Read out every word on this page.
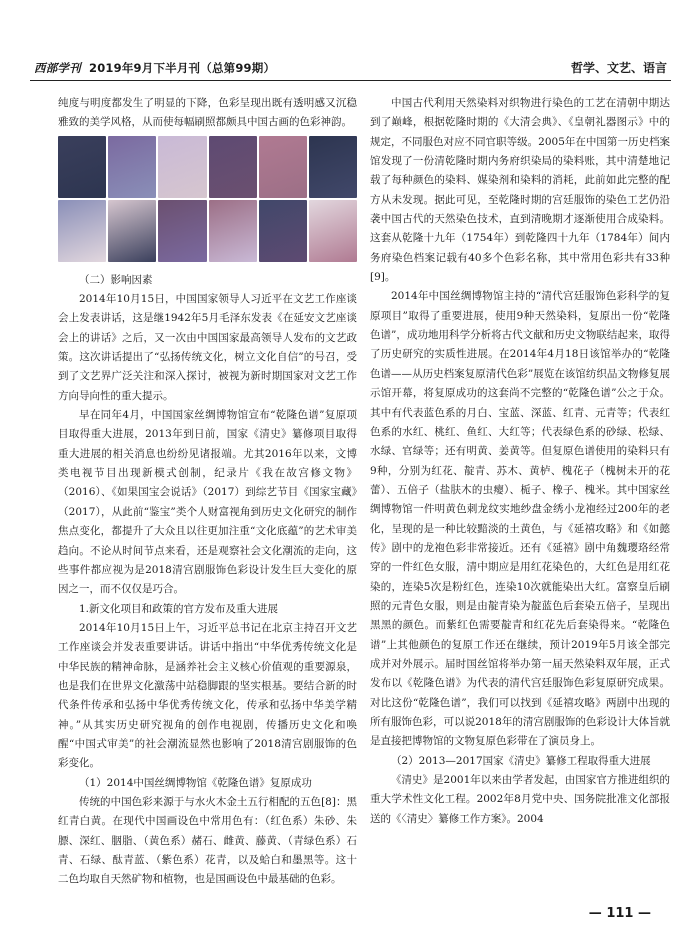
西部学刊 2019年9月下半月刊（总第99期）	哲学、文艺、语言

纯度与明度都发生了明显的下降，色彩呈现出既有透明感又沉稳雅致的美学风格，从而使每幅刷照都颇具中国古画的色彩神韵。

（二）影响因素

2014年10月15日，中国国家领导人习近平在文艺工作座谈会上发表讲话，这是继1942年5月毛泽东发表《在延安文艺座谈会上的讲话》之后，又一次由中国国家最高领导人发布的文艺政策。这次讲话提出了“弘扬传统文化，树立文化自信”的号召，受到了文艺界广泛关注和深入探讨，被视为新时期国家对文艺工作方向导向性的重大提示。

早在同年4月，中国国家丝绸博物馆宣布“乾隆色谱”复原项目取得重大进展，2013年到日前，国家《清史》纂修项目取得重大进展的相关消息也纷纷见诸报端。尤其2016年以来，文博类电视节目出现新模式创制，纪录片《我在故宫修文物》（2016）、《如果国宝会说话》（2017）到综艺节目《国家宝藏》（2017），从此前“鉴宝”类个人财富视角到历史文化研究的制作焦点变化，都提升了大众且以往更加注重“文化底蕴”的艺术审美趋向。不论从时间节点来看，还是观察社会文化潮流的走向，这些事件都应视为是2018清宫剧服饰色彩设计发生巨大变化的原因之一，而不仅仅是巧合。

1.新文化项目和政策的官方发布及重大进展

2014年10月15日上午，习近平总书记在北京主持召开文艺工作座谈会并发表重要讲话。讲话中指出“中华优秀传统文化是中华民族的精神命脉，是涵养社会主义核心价值观的重要源泉，也是我们在世界文化激荡中站稳脚跟的坚实根基。要结合新的时代条件传承和弘扬中华优秀传统文化，传承和弘扬中华美学精神。”从其实历史研究视角的创作电视剧，传播历史文化和唤醒“中国式审美”的社会潮流显然也影响了2018清宫剧服饰的色彩变化。

（1）2014中国丝绸博物馆《乾隆色谱》复原成功

传统的中国色彩来源于与水火木金土五行相配的五色[8]：黑红青白黄。在现代中国画设色中常用色有：（红色系）朱砂、朱膘、深红、胭脂、（黄色系）赭石、雌黄、藤黄、（青绿色系）石青、石绿、酞青蓝、（紫色系）花青，以及蛤白和墨黑等。这十二色均取自天然矿物和植物，也是国画设色中最基础的色彩。

中国古代利用天然染料对织物进行染色的工艺在清朝中期达到了巅峰，根据乾隆时期的《大清会典》、《皇朝礼器图示》中的规定，不同服色对应不同官职等级。2005年在中国第一历史档案馆发现了一份清乾隆时期内务府织染局的染料账，其中清楚地记载了每种颜色的染料、媒染剂和染料的消耗，此前如此完整的配方从未发现。据此可见，至乾隆时期的宫廷服饰的染色工艺仍沿袭中国古代的天然染色技术，直到清晚期才逐渐使用合成染料。这套从乾隆十九年（1754年）到乾隆四十九年（1784年）间内务府染色档案记载有40多个色彩名称，其中常用色彩共有33种[9]。

2014年中国丝绸博物馆主持的“清代宫廷服饰色彩科学的复原项目”取得了重要进展，使用9种天然染料，复原出一份“乾隆色谱”，成功地用科学分析将古代文献和历史文物联结起来，取得了历史研究的实质性进展。在2014年4月18日该馆举办的“乾隆色谱——从历史档案复原清代色彩”展览在该馆纺织品文物修复展示馆开幕，将复原成功的这套尚不完整的“乾隆色谱”公之于众。其中有代表蓝色系的月白、宝蓝、深蓝、红青、元青等；代表红色系的水红、桃红、鱼红、大红等；代表绿色系的砂绿、松绿、水绿、官绿等；还有明黄、姜黄等。但复原色谱使用的染料只有9种，分别为红花、靛青、苏木、黄栌、槐花子（槐树未开的花蕾）、五倍子（盐肤木的虫瘿）、栀子、橡子、槐米。其中国家丝绸博物馆一件明黄色刺龙纹实地纱盘金绣小龙袍经过200年的老化，呈现的是一种比较黯淡的土黄色，与《延禧攻略》和《如懿传》剧中的龙袍色彩非常接近。还有《延禧》剧中角魏璎珞经常穿的一件红色女服，清中期应是用红花染色的，大红色是用红花染的，连染5次是粉红色，连染10次就能染出大红。富察皇后刷照的元青色女服，则是由靛青染为靛蓝色后套染五倍子，呈现出黑黑的颜色。而紫红色需要靛青和红花先后套染得来。“乾隆色谱”上其他颜色的复原工作还在继续，预计2019年5月该全部完成并对外展示。届时国丝馆将举办第一届天然染料双年展，正式发布以《乾隆色谱》为代表的清代宫廷服饰色彩复原研究成果。对比这份“乾隆色谱”，我们可以找到《延禧攻略》两剧中出现的所有服饰色彩，可以说2018年的清宫剧服饰的色彩设计大体旨就是直接把博物馆的文物复原色彩带在了演员身上。

（2）2013—2017国家《清史》纂修工程取得重大进展

《清史》是2001年以来由学者发起，由国家官方推进组织的重大学术性文化工程。2002年8月党中央、国务院批准文化部报送的《〈清史〉纂修工作方案》。2004

— 111 —
